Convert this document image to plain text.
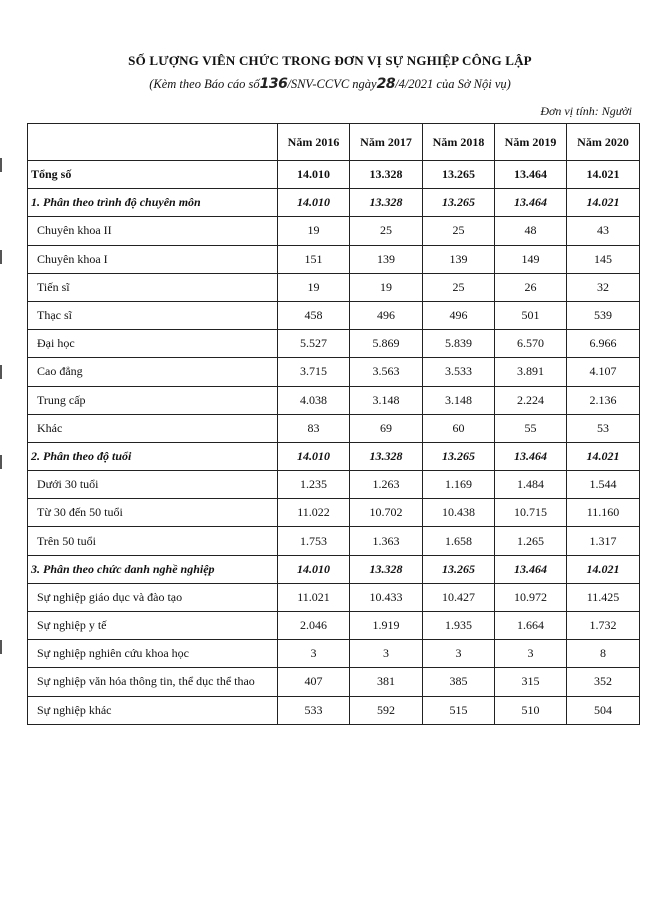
SỐ LƯỢNG VIÊN CHỨC TRONG ĐƠN VỊ SỰ NGHIỆP CÔNG LẬP
(Kèm theo Báo cáo số136/SNV-CCVC ngày28/4/2021 của Sở Nội vụ)
Đơn vị tính: Người
	Năm 2016	Năm 2017	Năm 2018	Năm 2019	Năm 2020
Tổng số	14.010	13.328	13.265	13.464	14.021
1. Phân theo trình độ chuyên môn	14.010	13.328	13.265	13.464	14.021
Chuyên khoa II	19	25	25	48	43
Chuyên khoa I	151	139	139	149	145
Tiến sĩ	19	19	25	26	32
Thạc sĩ	458	496	496	501	539
Đại học	5.527	5.869	5.839	6.570	6.966
Cao đẳng	3.715	3.563	3.533	3.891	4.107
Trung cấp	4.038	3.148	3.148	2.224	2.136
Khác	83	69	60	55	53
2. Phân theo độ tuổi	14.010	13.328	13.265	13.464	14.021
Dưới 30 tuổi	1.235	1.263	1.169	1.484	1.544
Từ 30 đến 50 tuổi	11.022	10.702	10.438	10.715	11.160
Trên 50 tuổi	1.753	1.363	1.658	1.265	1.317
3. Phân theo chức danh nghề nghiệp	14.010	13.328	13.265	13.464	14.021
Sự nghiệp giáo dục và đào tạo	11.021	10.433	10.427	10.972	11.425
Sự nghiệp y tế	2.046	1.919	1.935	1.664	1.732
Sự nghiệp nghiên cứu khoa học	3	3	3	3	8
Sự nghiệp văn hóa thông tin, thể dục thể thao	407	381	385	315	352
Sự nghiệp khác	533	592	515	510	504
